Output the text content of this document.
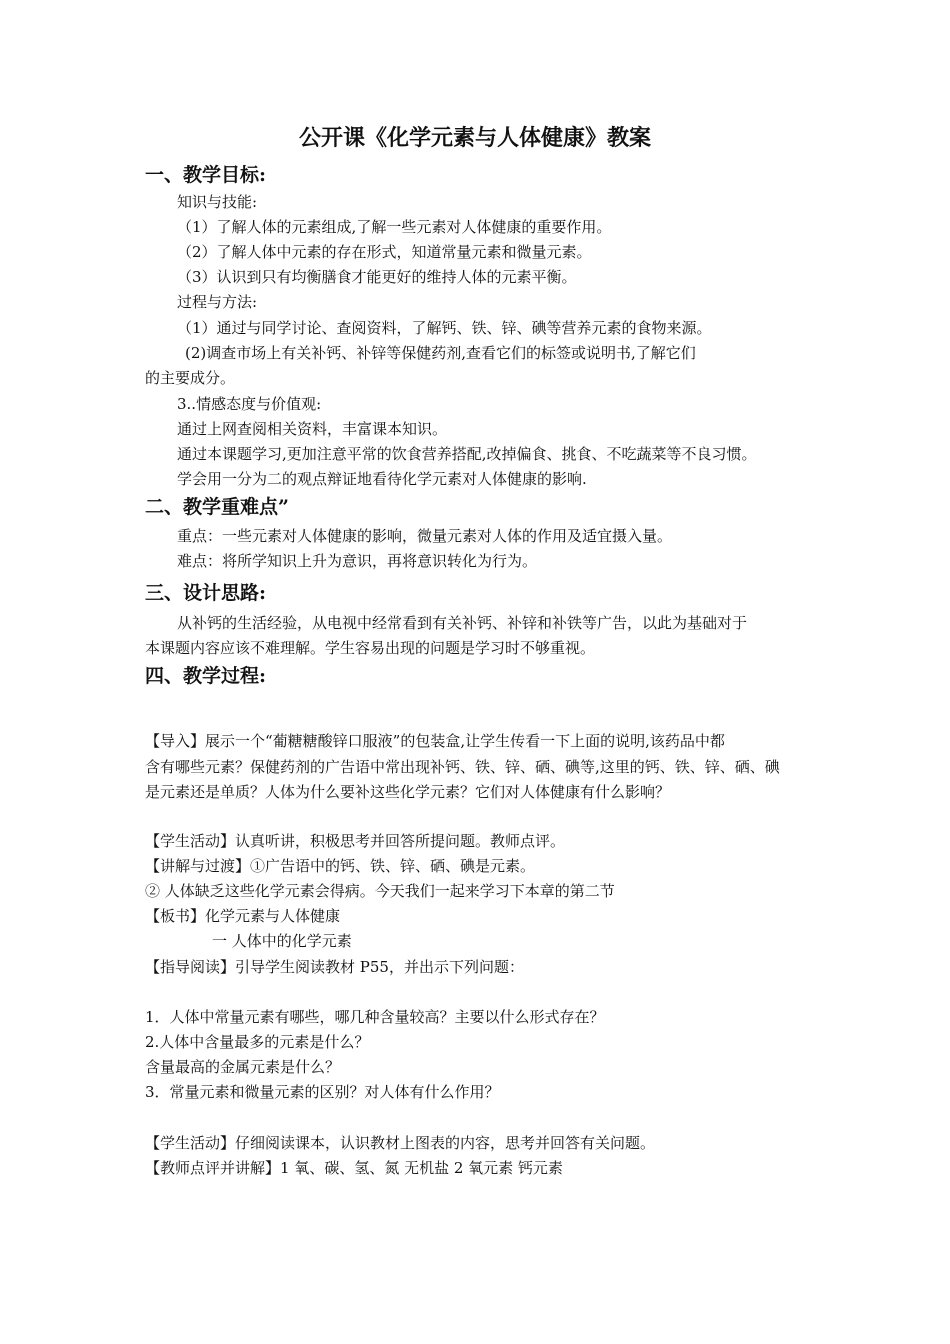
公开课《化学元素与人体健康》教案
一、教学目标:
知识与技能:
（1）了解人体的元素组成,了解一些元素对人体健康的重要作用。
（2）了解人体中元素的存在形式，知道常量元素和微量元素。
（3）认识到只有均衡膳食才能更好的维持人体的元素平衡。
过程与方法:
（1）通过与同学讨论、查阅资料，了解钙、铁、锌、碘等营养元素的食物来源。
(2)调查市场上有关补钙、补锌等保健药剂,查看它们的标签或说明书,了解它们
的主要成分。
3..情感态度与价值观:
通过上网查阅相关资料，丰富课本知识。
通过本课题学习,更加注意平常的饮食营养搭配,改掉偏食、挑食、不吃蔬菜等不良习惯。
学会用一分为二的观点辩证地看待化学元素对人体健康的影响.
二、教学重难点”
重点：一些元素对人体健康的影响，微量元素对人体的作用及适宜摄入量。
难点：将所学知识上升为意识，再将意识转化为行为。
三、设计思路:
从补钙的生活经验，从电视中经常看到有关补钙、补锌和补铁等广告，以此为基础对于
本课题内容应该不难理解。学生容易出现的问题是学习时不够重视。
四、教学过程:
【导入】展示一个“葡糖糖酸锌口服液”的包装盒,让学生传看一下上面的说明,该药品中都
含有哪些元素？保健药剂的广告语中常出现补钙、铁、锌、硒、碘等,这里的钙、铁、锌、硒、碘
是元素还是单质？人体为什么要补这些化学元素？它们对人体健康有什么影响？
【学生活动】认真听讲，积极思考并回答所提问题。教师点评。
【讲解与过渡】①广告语中的钙、铁、锌、硒、碘是元素。
② 人体缺乏这些化学元素会得病。今天我们一起来学习下本章的第二节
【板书】化学元素与人体健康
一 人体中的化学元素
【指导阅读】引导学生阅读教材 P55，并出示下列问题：
1．人体中常量元素有哪些，哪几种含量较高？主要以什么形式存在？
2.人体中含量最多的元素是什么？
含量最高的金属元素是什么？
3．常量元素和微量元素的区别？对人体有什么作用？
【学生活动】仔细阅读课本，认识教材上图表的内容，思考并回答有关问题。
【教师点评并讲解】1 氧、碳、氢、氮 无机盐 2 氧元素 钙元素
